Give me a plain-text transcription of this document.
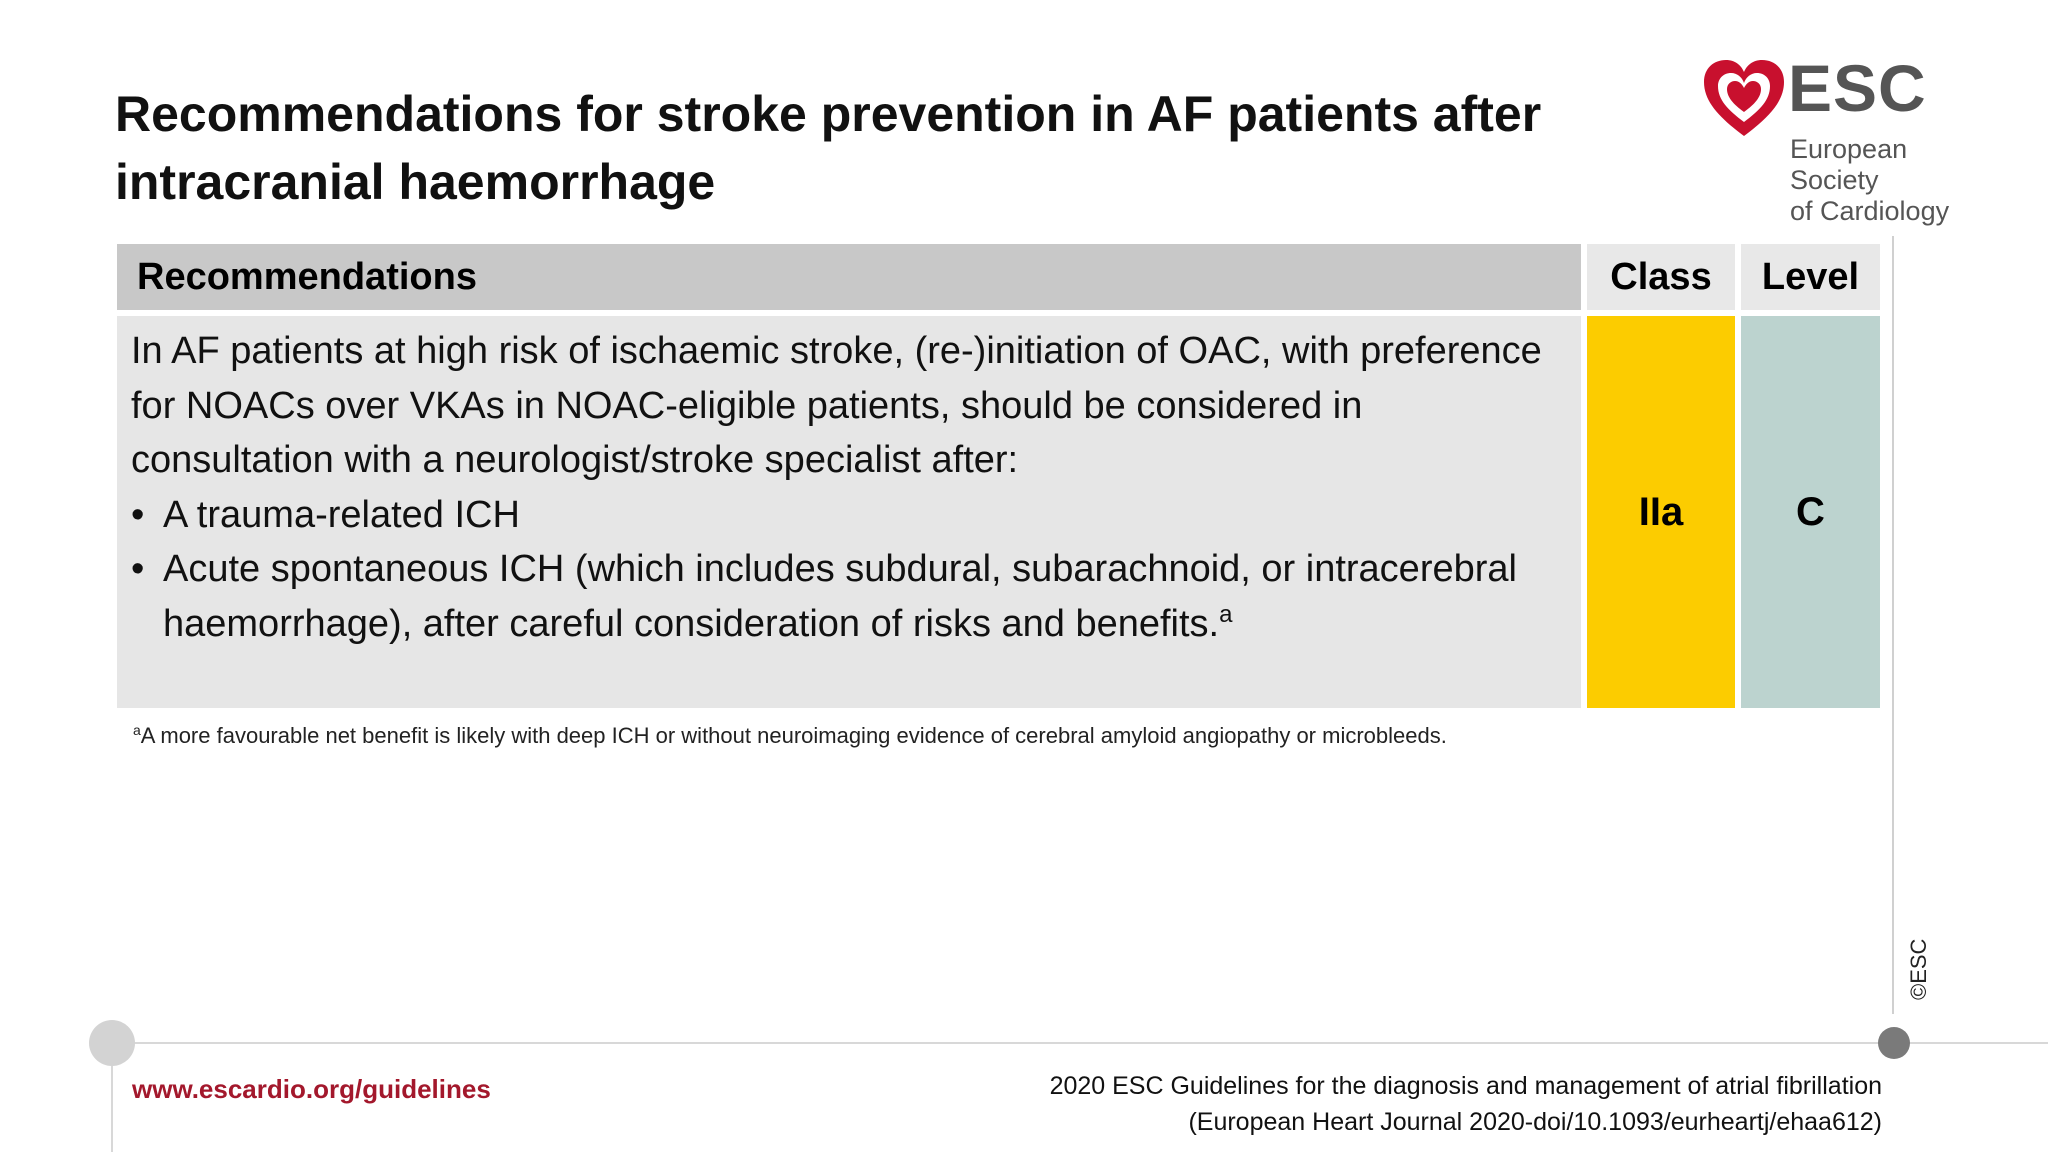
Recommendations for stroke prevention in AF patients after intracranial haemorrhage
ESC
European Society
of Cardiology
Recommendations	Class	Level

In AF patients at high risk of ischaemic stroke, (re-)initiation of OAC, with preference for NOACs over VKAs in NOAC-eligible patients, should be considered in consultation with a neurologist/stroke specialist after:

• A trauma-related ICH
• Acute spontaneous ICH (which includes subdural, subarachnoid, or intracerebral haemorrhage), after careful consideration of risks and benefits.$^a$
IIa	C
$^a$A more favourable net benefit is likely with deep ICH or without neuroimaging evidence of cerebral amyloid angiopathy or microbleeds.
©ESC
www.escardio.org/guidelines	2020 ESC Guidelines for the diagnosis and management of atrial fibrillation
(European Heart Journal 2020-doi/10.1093/eurheartj/ehaa612)
